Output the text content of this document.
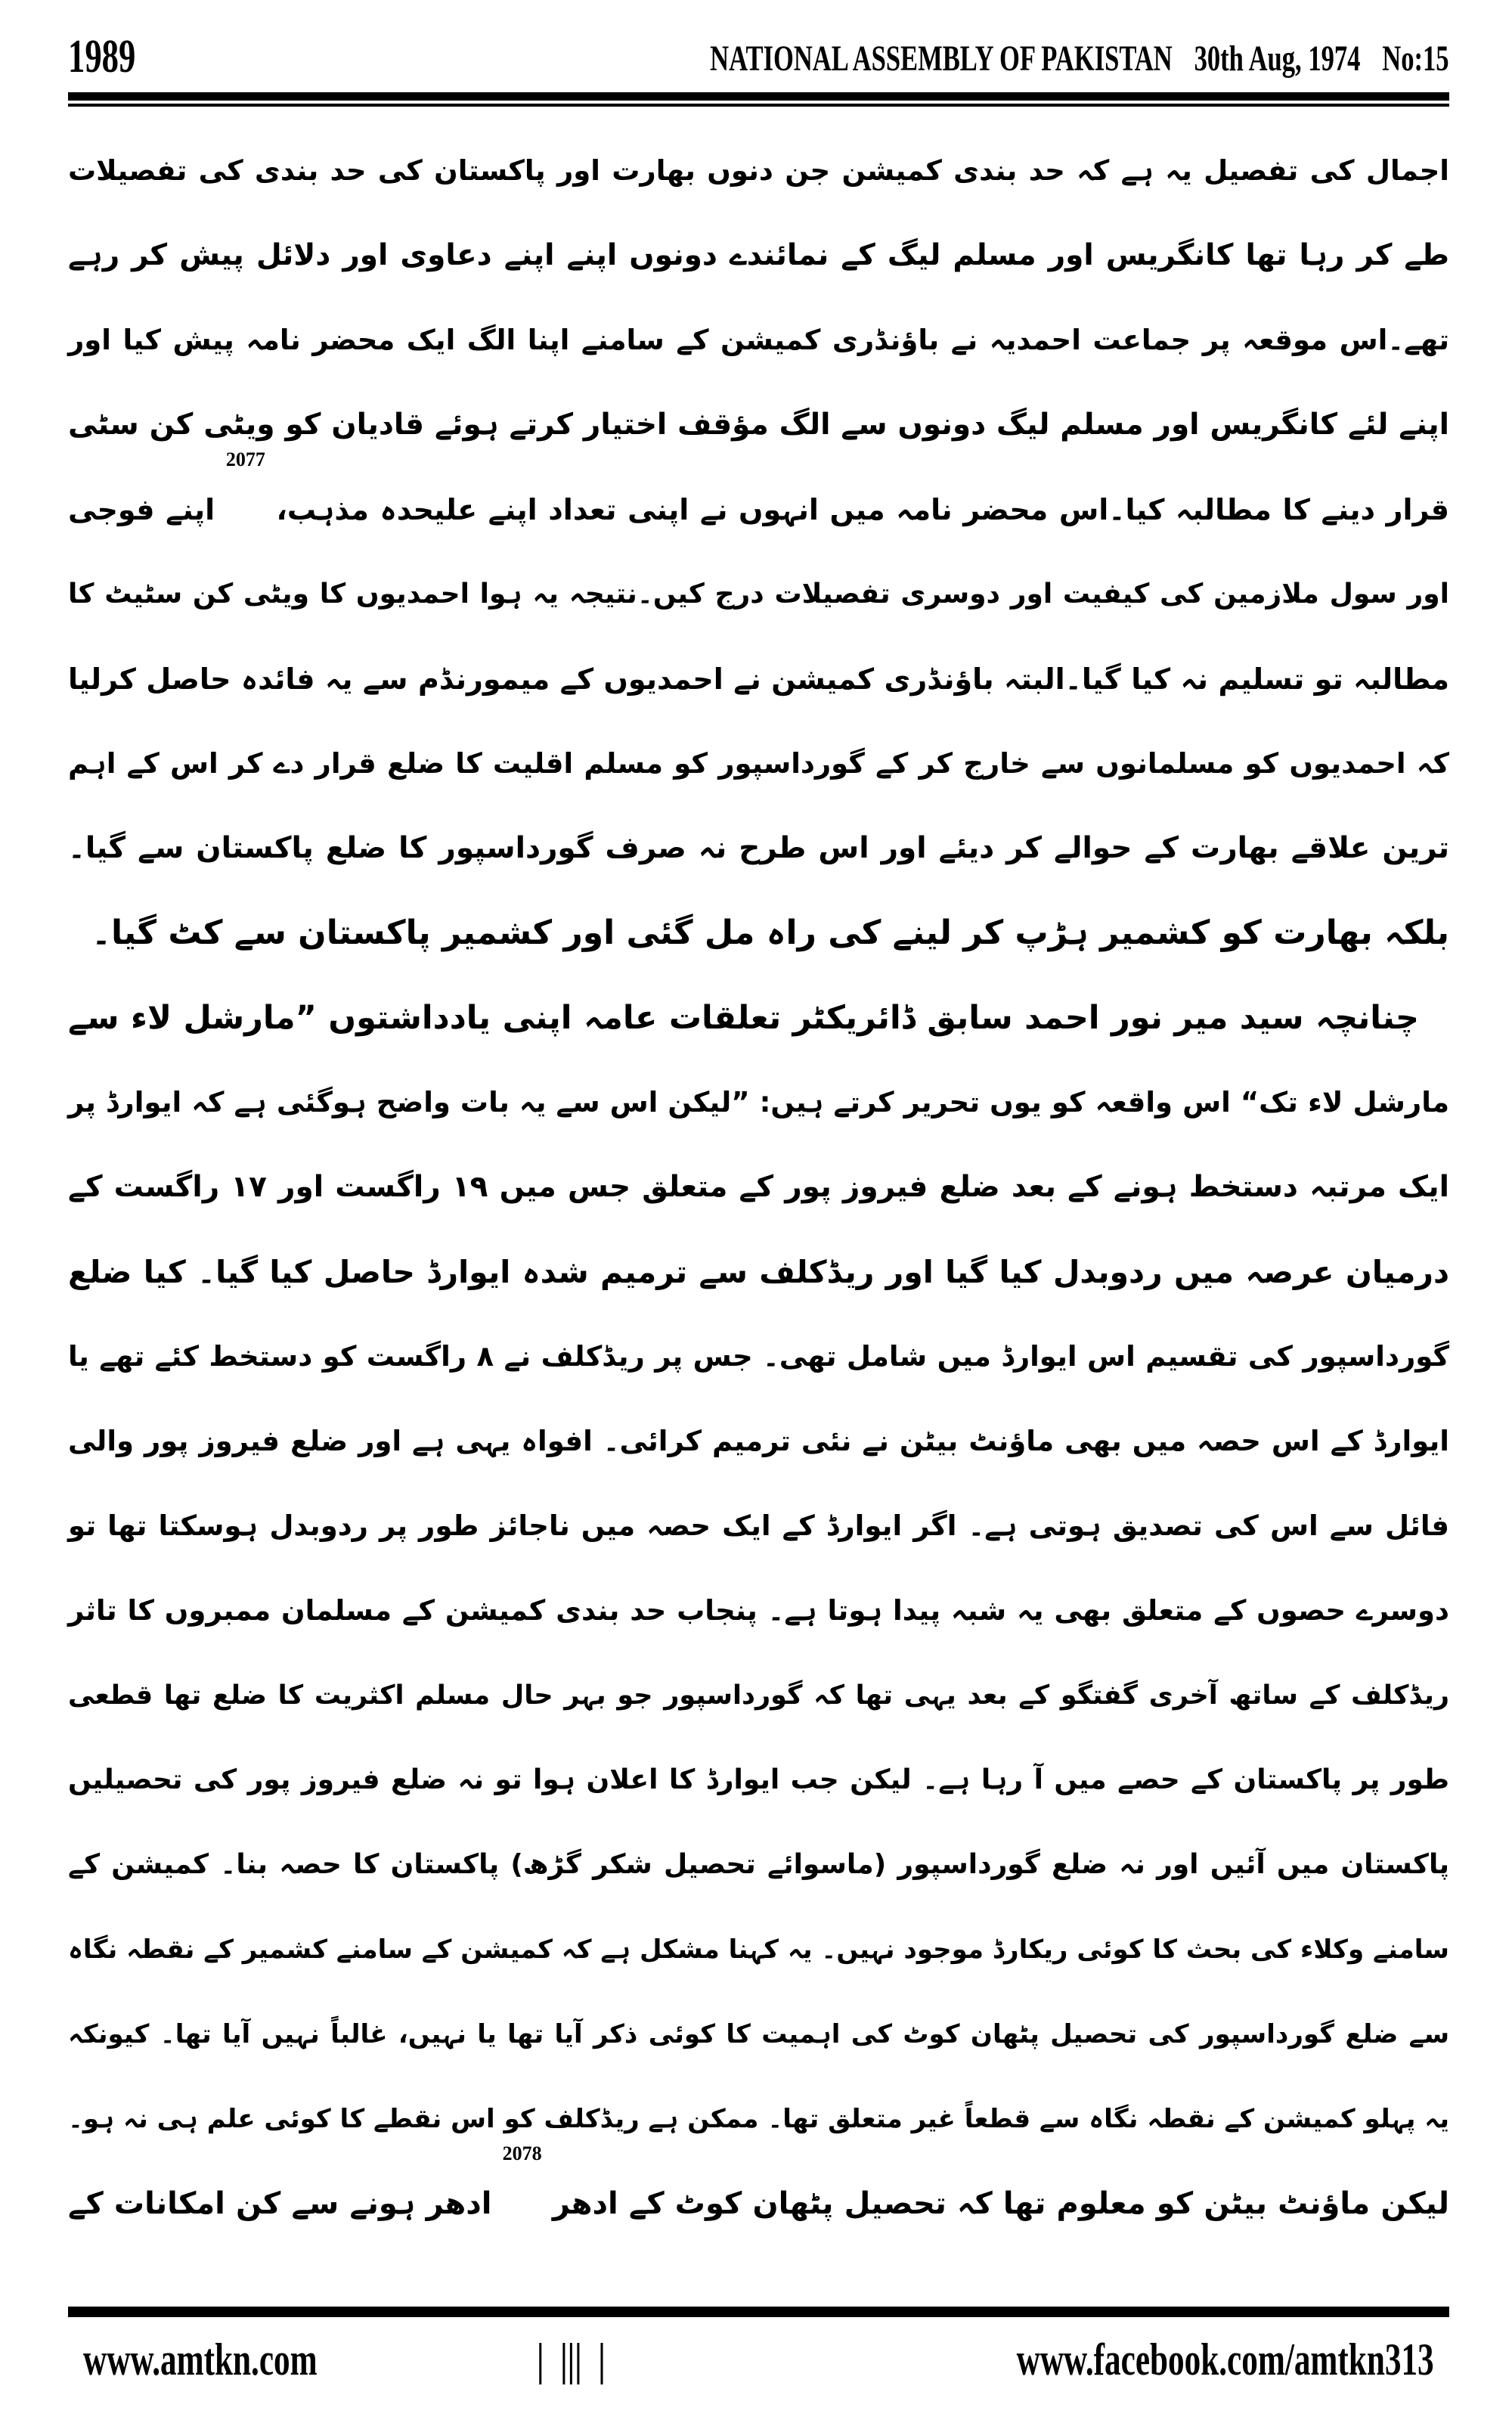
1989	NATIONAL ASSEMBLY OF PAKISTAN 30th Aug, 1974 No:15
اجمال کی تفصیل یہ ہے کہ حد بندی کمیشن جن دنوں بھارت اور پاکستان کی حد بندی کی تفصیلات
طے کر رہا تھا کانگریس اور مسلم لیگ کے نمائندے دونوں اپنے اپنے دعاوی اور دلائل پیش کر رہے
تھے۔اس موقعہ پر جماعت احمدیہ نے باؤنڈری کمیشن کے سامنے اپنا الگ ایک محضر نامہ پیش کیا اور
اپنے لئے کانگریس اور مسلم لیگ دونوں سے الگ مؤقف اختیار کرتے ہوئے قادیان کو ویٹی کن سٹی
قرار دینے کا مطالبہ کیا۔اس محضر نامہ میں انہوں نے اپنی تعداد اپنے علیحدہ مذہب، $^{2077}$ اپنے فوجی
اور سول ملازمین کی کیفیت اور دوسری تفصیلات درج کیں۔نتیجہ یہ ہوا احمدیوں کا ویٹی کن سٹیٹ کا
مطالبہ تو تسلیم نہ کیا گیا۔البتہ باؤنڈری کمیشن نے احمدیوں کے میمورنڈم سے یہ فائدہ حاصل کرلیا
کہ احمدیوں کو مسلمانوں سے خارج کر کے گورداسپور کو مسلم اقلیت کا ضلع قرار دے کر اس کے اہم
ترین علاقے بھارت کے حوالے کر دیئے اور اس طرح نہ صرف گورداسپور کا ضلع پاکستان سے گیا۔
بلکہ بھارت کو کشمیر ہڑپ کر لینے کی راہ مل گئی اور کشمیر پاکستان سے کٹ گیا۔
چنانچہ سید میر نور احمد سابق ڈائریکٹر تعلقات عامہ اپنی یادداشتوں ”مارشل لاء سے
مارشل لاء تک“ اس واقعہ کو یوں تحریر کرتے ہیں: ”لیکن اس سے یہ بات واضح ہوگئی ہے کہ ایوارڈ پر
ایک مرتبہ دستخط ہونے کے بعد ضلع فیروز پور کے متعلق جس میں ۱۹ راگست اور ۱۷ راگست کے
درمیان عرصہ میں ردوبدل کیا گیا اور ریڈکلف سے ترمیم شدہ ایوارڈ حاصل کیا گیا۔ کیا ضلع
گورداسپور کی تقسیم اس ایوارڈ میں شامل تھی۔ جس پر ریڈکلف نے ۸ راگست کو دستخط کئے تھے یا
ایوارڈ کے اس حصہ میں بھی ماؤنٹ بیٹن نے نئی ترمیم کرائی۔ افواہ یہی ہے اور ضلع فیروز پور والی
فائل سے اس کی تصدیق ہوتی ہے۔ اگر ایوارڈ کے ایک حصہ میں ناجائز طور پر ردوبدل ہوسکتا تھا تو
دوسرے حصوں کے متعلق بھی یہ شبہ پیدا ہوتا ہے۔ پنجاب حد بندی کمیشن کے مسلمان ممبروں کا تاثر
ریڈکلف کے ساتھ آخری گفتگو کے بعد یہی تھا کہ گورداسپور جو بہر حال مسلم اکثریت کا ضلع تھا قطعی
طور پر پاکستان کے حصے میں آ رہا ہے۔ لیکن جب ایوارڈ کا اعلان ہوا تو نہ ضلع فیروز پور کی تحصیلیں
پاکستان میں آئیں اور نہ ضلع گورداسپور (ماسوائے تحصیل شکر گڑھ) پاکستان کا حصہ بنا۔ کمیشن کے
سامنے وکلاء کی بحث کا کوئی ریکارڈ موجود نہیں۔ یہ کہنا مشکل ہے کہ کمیشن کے سامنے کشمیر کے نقطہ نگاہ
سے ضلع گورداسپور کی تحصیل پٹھان کوٹ کی اہمیت کا کوئی ذکر آیا تھا یا نہیں، غالباً نہیں آیا تھا۔ کیونکہ
یہ پہلو کمیشن کے نقطہ نگاہ سے قطعاً غیر متعلق تھا۔ ممکن ہے ریڈکلف کو اس نقطے کا کوئی علم ہی نہ ہو۔
لیکن ماؤنٹ بیٹن کو معلوم تھا کہ تحصیل پٹھان کوٹ کے ادھر $^{2078}$ ادھر ہونے سے کن امکانات کے
www.amtkn.com	|  |||  |	www.facebook.com/amtkn313
